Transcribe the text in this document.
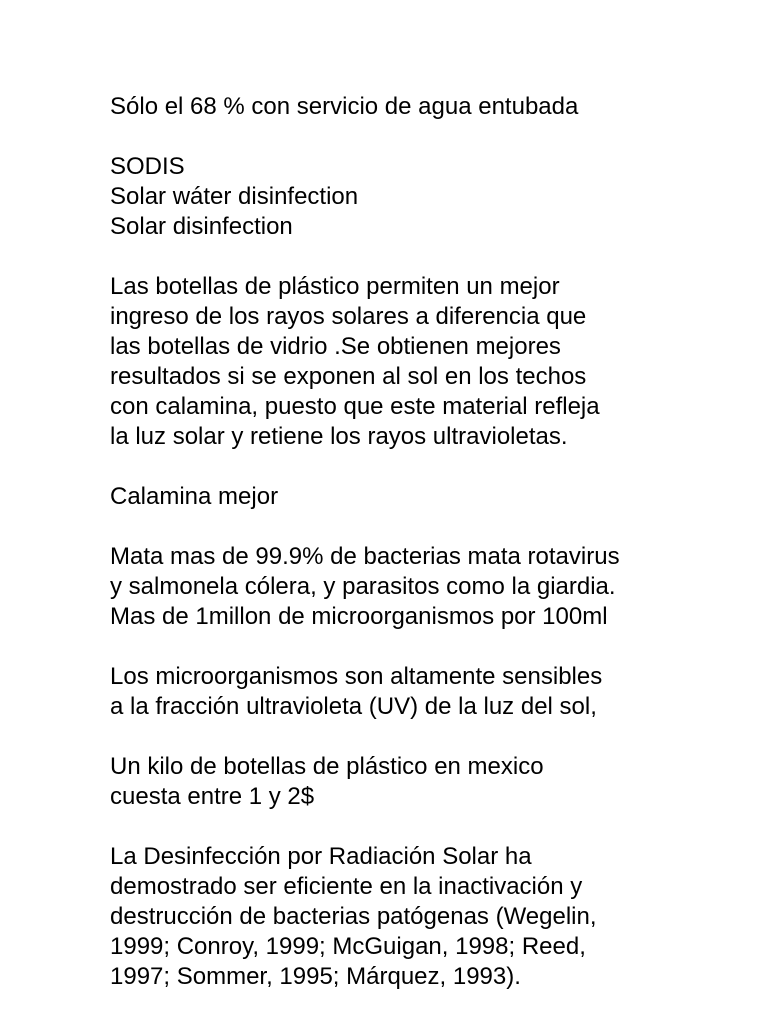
Sólo el 68 % con servicio de agua entubada

SODIS
Solar wáter disinfection
Solar disinfection

Las botellas de plástico permiten un mejor
ingreso de los rayos solares a diferencia que
las botellas de vidrio .Se obtienen mejores
resultados si se exponen al sol en los techos
con calamina, puesto que este material refleja
la luz solar y retiene los rayos ultravioletas.

Calamina mejor

Mata mas de 99.9% de bacterias mata rotavirus
y salmonela cólera, y parasitos como la giardia.
Mas de 1millon de microorganismos por 100ml

Los microorganismos son altamente sensibles
a la fracción ultravioleta (UV) de la luz del sol,

Un kilo de botellas de plástico en mexico
cuesta entre 1 y 2$

La Desinfección por Radiación Solar ha
demostrado ser eficiente en la inactivación y
destrucción de bacterias patógenas (Wegelin,
1999; Conroy, 1999; McGuigan, 1998; Reed,
1997; Sommer, 1995; Márquez, 1993).
